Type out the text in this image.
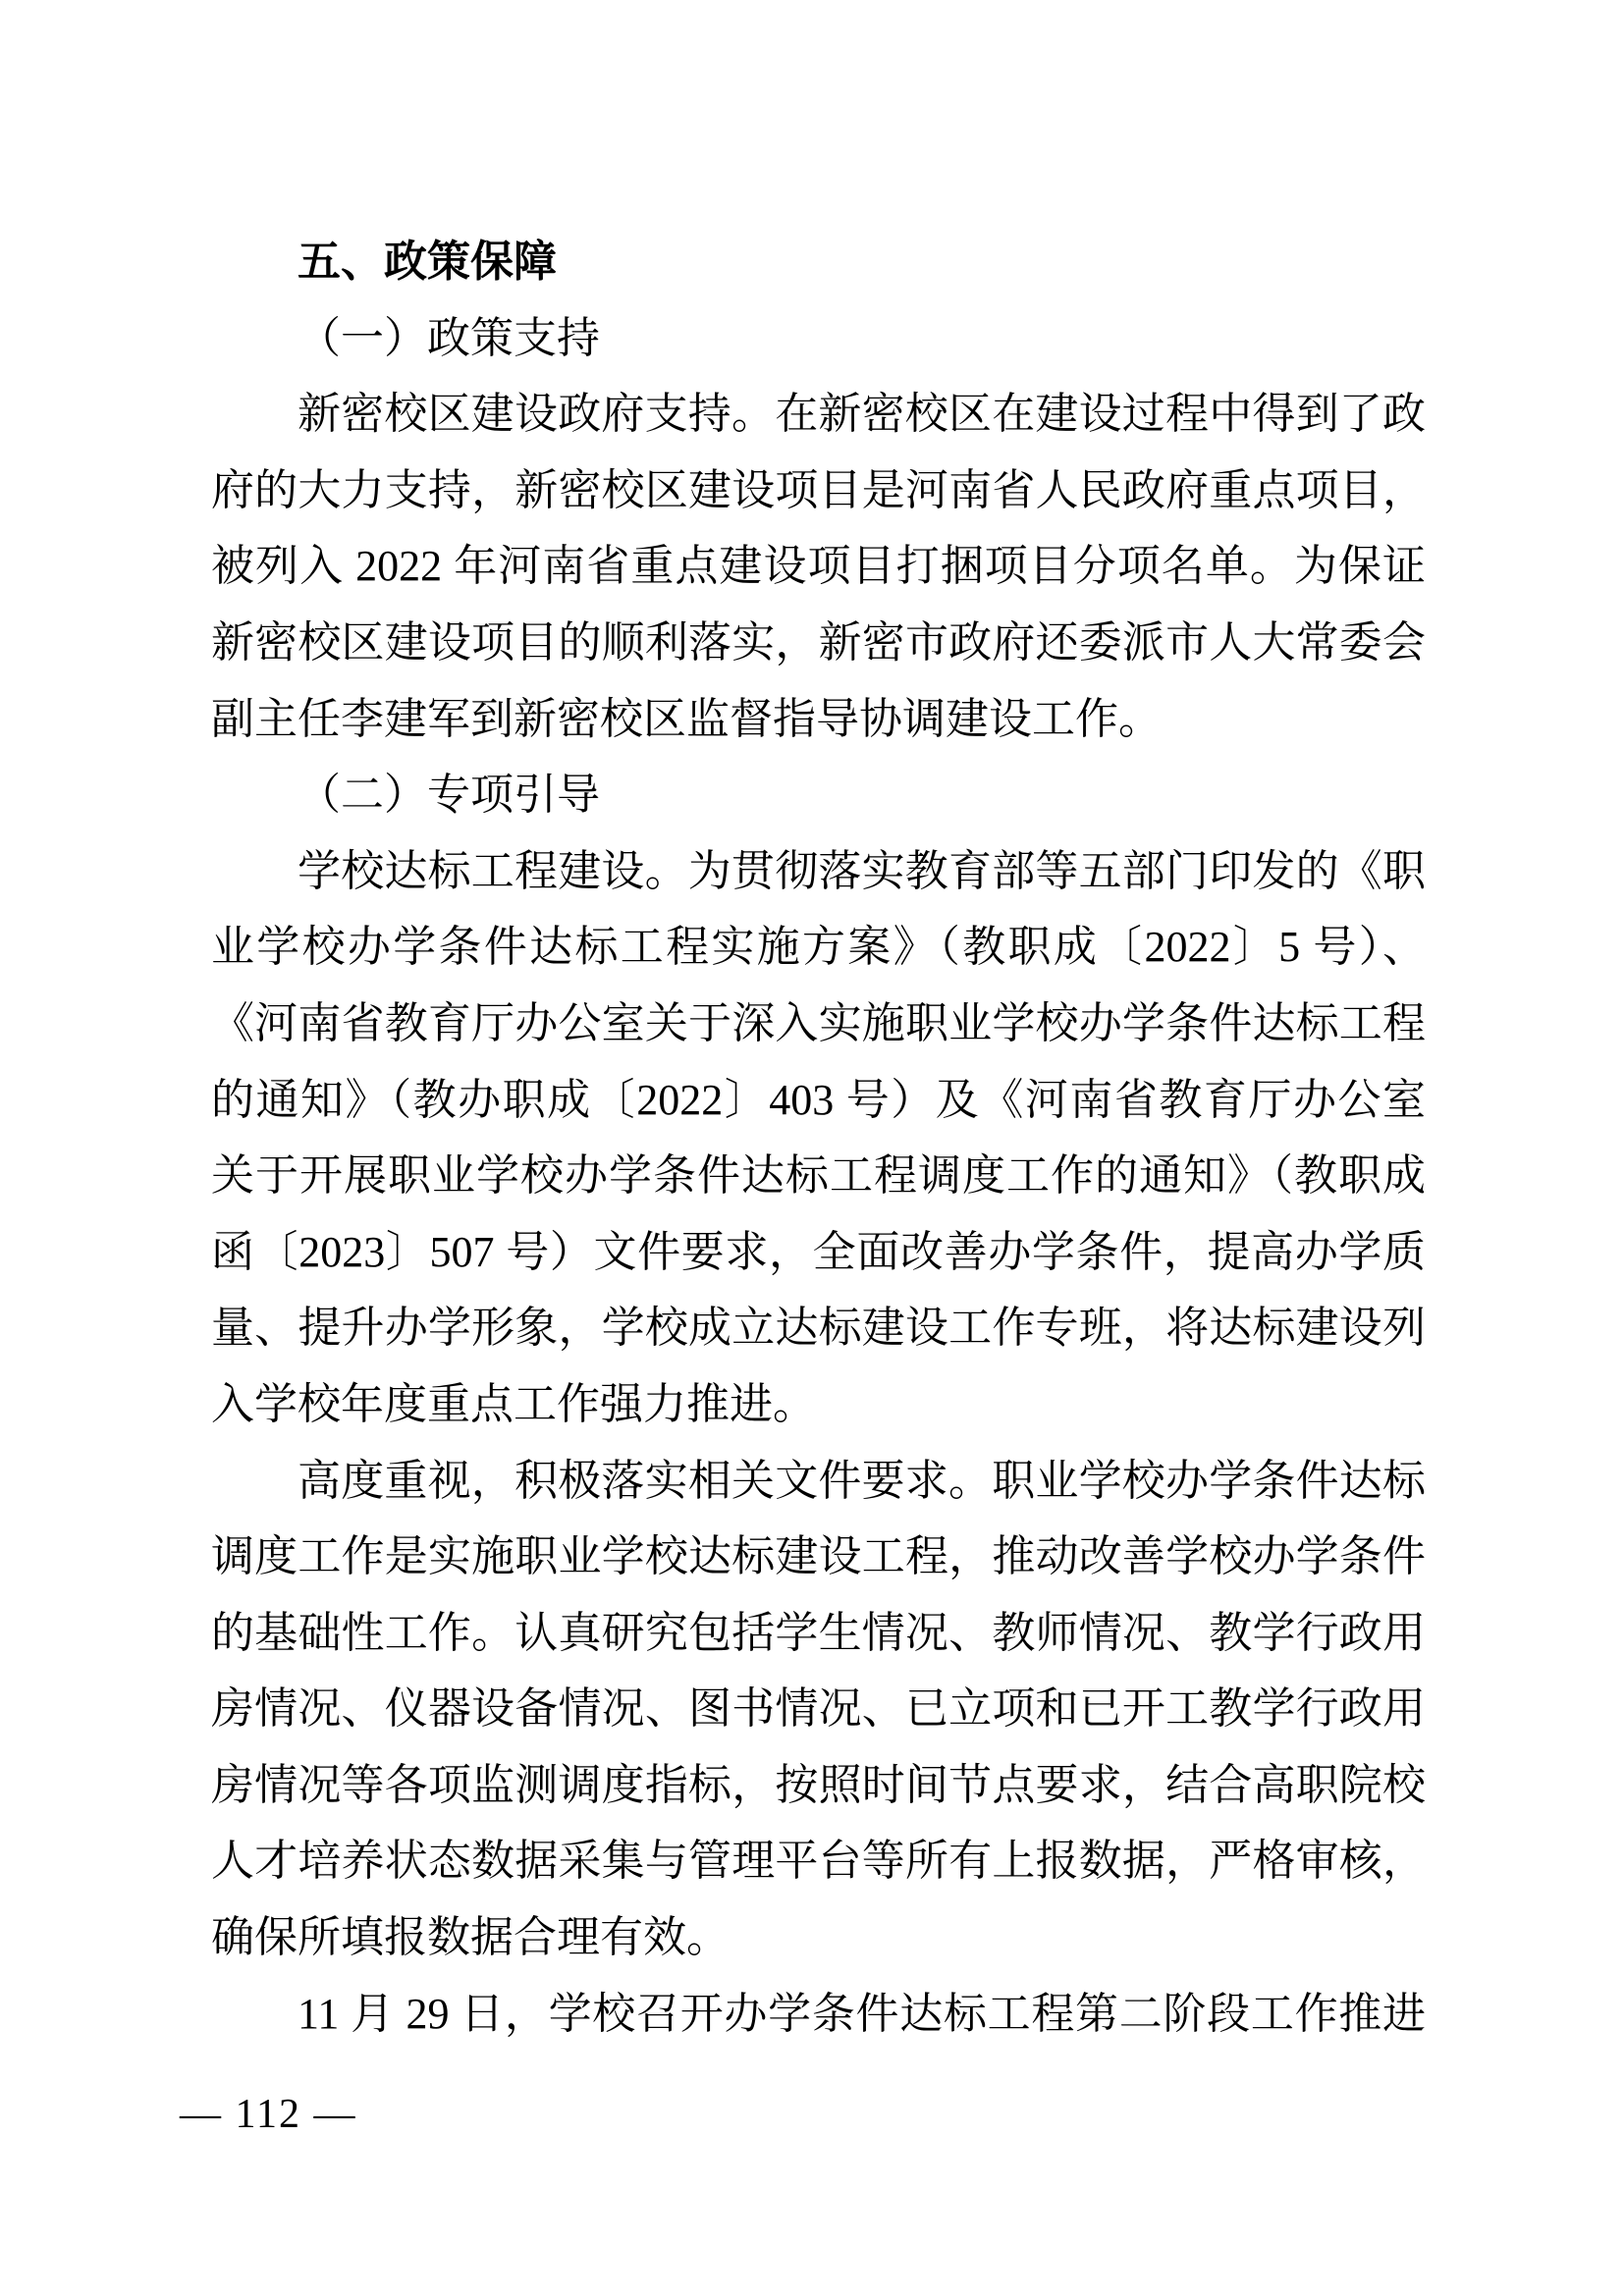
五、政策保障
（一）政策支持

新密校区建设政府支持。在新密校区在建设过程中得到了政府的大力支持，新密校区建设项目是河南省人民政府重点项目，被列入 2022 年河南省重点建设项目打捆项目分项名单。为保证新密校区建设项目的顺利落实，新密市政府还委派市人大常委会副主任李建军到新密校区监督指导协调建设工作。

（二）专项引导

学校达标工程建设。为贯彻落实教育部等五部门印发的《职业学校办学条件达标工程实施方案》（教职成〔2022〕5 号）、《河南省教育厅办公室关于深入实施职业学校办学条件达标工程的通知》（教办职成〔2022〕403 号）及《河南省教育厅办公室关于开展职业学校办学条件达标工程调度工作的通知》（教职成函〔2023〕507 号）文件要求，全面改善办学条件，提高办学质量、提升办学形象，学校成立达标建设工作专班，将达标建设列入学校年度重点工作强力推进。

高度重视，积极落实相关文件要求。职业学校办学条件达标调度工作是实施职业学校达标建设工程，推动改善学校办学条件的基础性工作。认真研究包括学生情况、教师情况、教学行政用房情况、仪器设备情况、图书情况、已立项和已开工教学行政用房情况等各项监测调度指标，按照时间节点要求，结合高职院校人才培养状态数据采集与管理平台等所有上报数据，严格审核，确保所填报数据合理有效。

11 月 29 日，学校召开办学条件达标工程第二阶段工作推进

— 112 —
